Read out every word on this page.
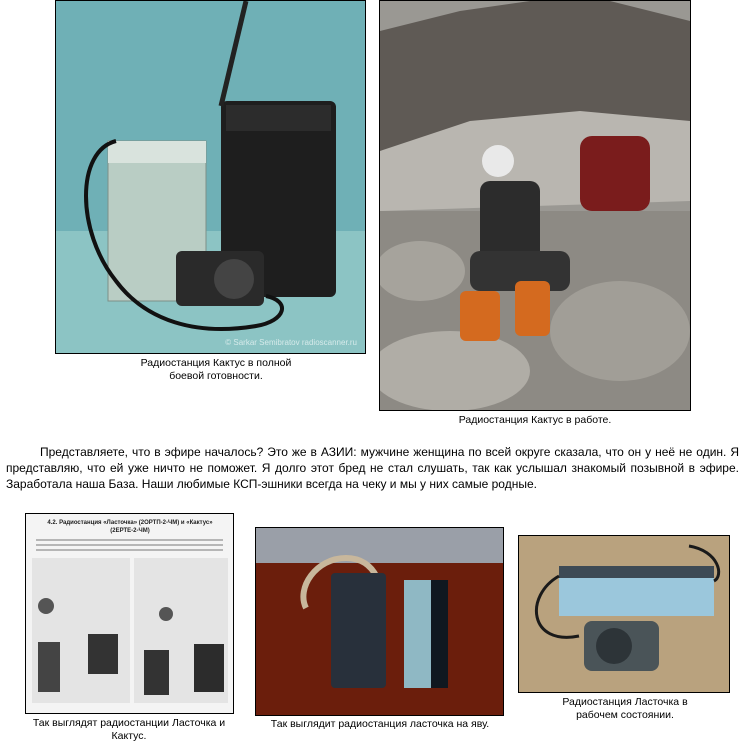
© Sarkar Semibratov radioscanner.ru
Радиостанция Кактус в полной боевой готовности.
Радиостанция Кактус в работе.
Представляете, что в эфире началось? Это же в АЗИИ: мужчине женщина по всей округе сказала, что он у неё не один. Я представляю, что ей уже ничто не поможет. Я долго этот бред не стал слушать, так как услышал знакомый позывной в эфире. Заработала наша База. Наши любимые КСП-эшники всегда на чеку и мы у них самые родные.
4.2. Радиостанция «Ласточка» (2ОРТП-2-ЧМ) и «Кактус» (2ЕРТЕ-2-ЧМ)
Так выглядят радиостанции Ласточка и Кактус.
Так выглядит радиостанция ласточка на яву.
Радиостанция Ласточка в рабочем состоянии.
